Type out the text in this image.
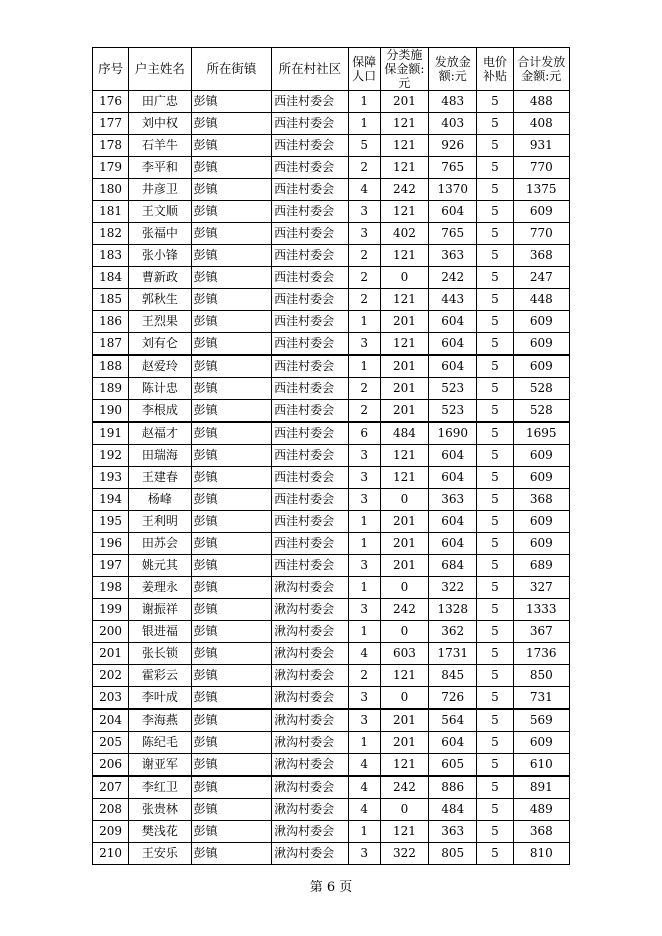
序号	户主姓名	所在街镇	所在村社区	保障人口	分类施保金额:元	发放金额:元	电价补贴	合计发放金额:元
176	田广忠	彭镇	西洼村委会	1	201	483	5	488
177	刘中权	彭镇	西洼村委会	1	121	403	5	408
178	石羊牛	彭镇	西洼村委会	5	121	926	5	931
179	李平和	彭镇	西洼村委会	2	121	765	5	770
180	井彦卫	彭镇	西洼村委会	4	242	1370	5	1375
181	王文顺	彭镇	西洼村委会	3	121	604	5	609
182	张福中	彭镇	西洼村委会	3	402	765	5	770
183	张小锋	彭镇	西洼村委会	2	121	363	5	368
184	曹新政	彭镇	西洼村委会	2	0	242	5	247
185	郭秋生	彭镇	西洼村委会	2	121	443	5	448
186	王烈果	彭镇	西洼村委会	1	201	604	5	609
187	刘有仑	彭镇	西洼村委会	3	121	604	5	609
188	赵爱玲	彭镇	西洼村委会	1	201	604	5	609
189	陈计忠	彭镇	西洼村委会	2	201	523	5	528
190	李根成	彭镇	西洼村委会	2	201	523	5	528
191	赵福才	彭镇	西洼村委会	6	484	1690	5	1695
192	田瑞海	彭镇	西洼村委会	3	121	604	5	609
193	王建春	彭镇	西洼村委会	3	121	604	5	609
194	杨峰	彭镇	西洼村委会	3	0	363	5	368
195	王利明	彭镇	西洼村委会	1	201	604	5	609
196	田苏会	彭镇	西洼村委会	1	201	604	5	609
197	姚元其	彭镇	西洼村委会	3	201	684	5	689
198	姜理永	彭镇	湫沟村委会	1	0	322	5	327
199	谢振祥	彭镇	湫沟村委会	3	242	1328	5	1333
200	银进福	彭镇	湫沟村委会	1	0	362	5	367
201	张长锁	彭镇	湫沟村委会	4	603	1731	5	1736
202	霍彩云	彭镇	湫沟村委会	2	121	845	5	850
203	李叶成	彭镇	湫沟村委会	3	0	726	5	731
204	李海燕	彭镇	湫沟村委会	3	201	564	5	569
205	陈纪毛	彭镇	湫沟村委会	1	201	604	5	609
206	谢亚军	彭镇	湫沟村委会	4	121	605	5	610
207	李红卫	彭镇	湫沟村委会	4	242	886	5	891
208	张贵林	彭镇	湫沟村委会	4	0	484	5	489
209	樊浅花	彭镇	湫沟村委会	1	121	363	5	368
210	王安乐	彭镇	湫沟村委会	3	322	805	5	810
第 6 页
